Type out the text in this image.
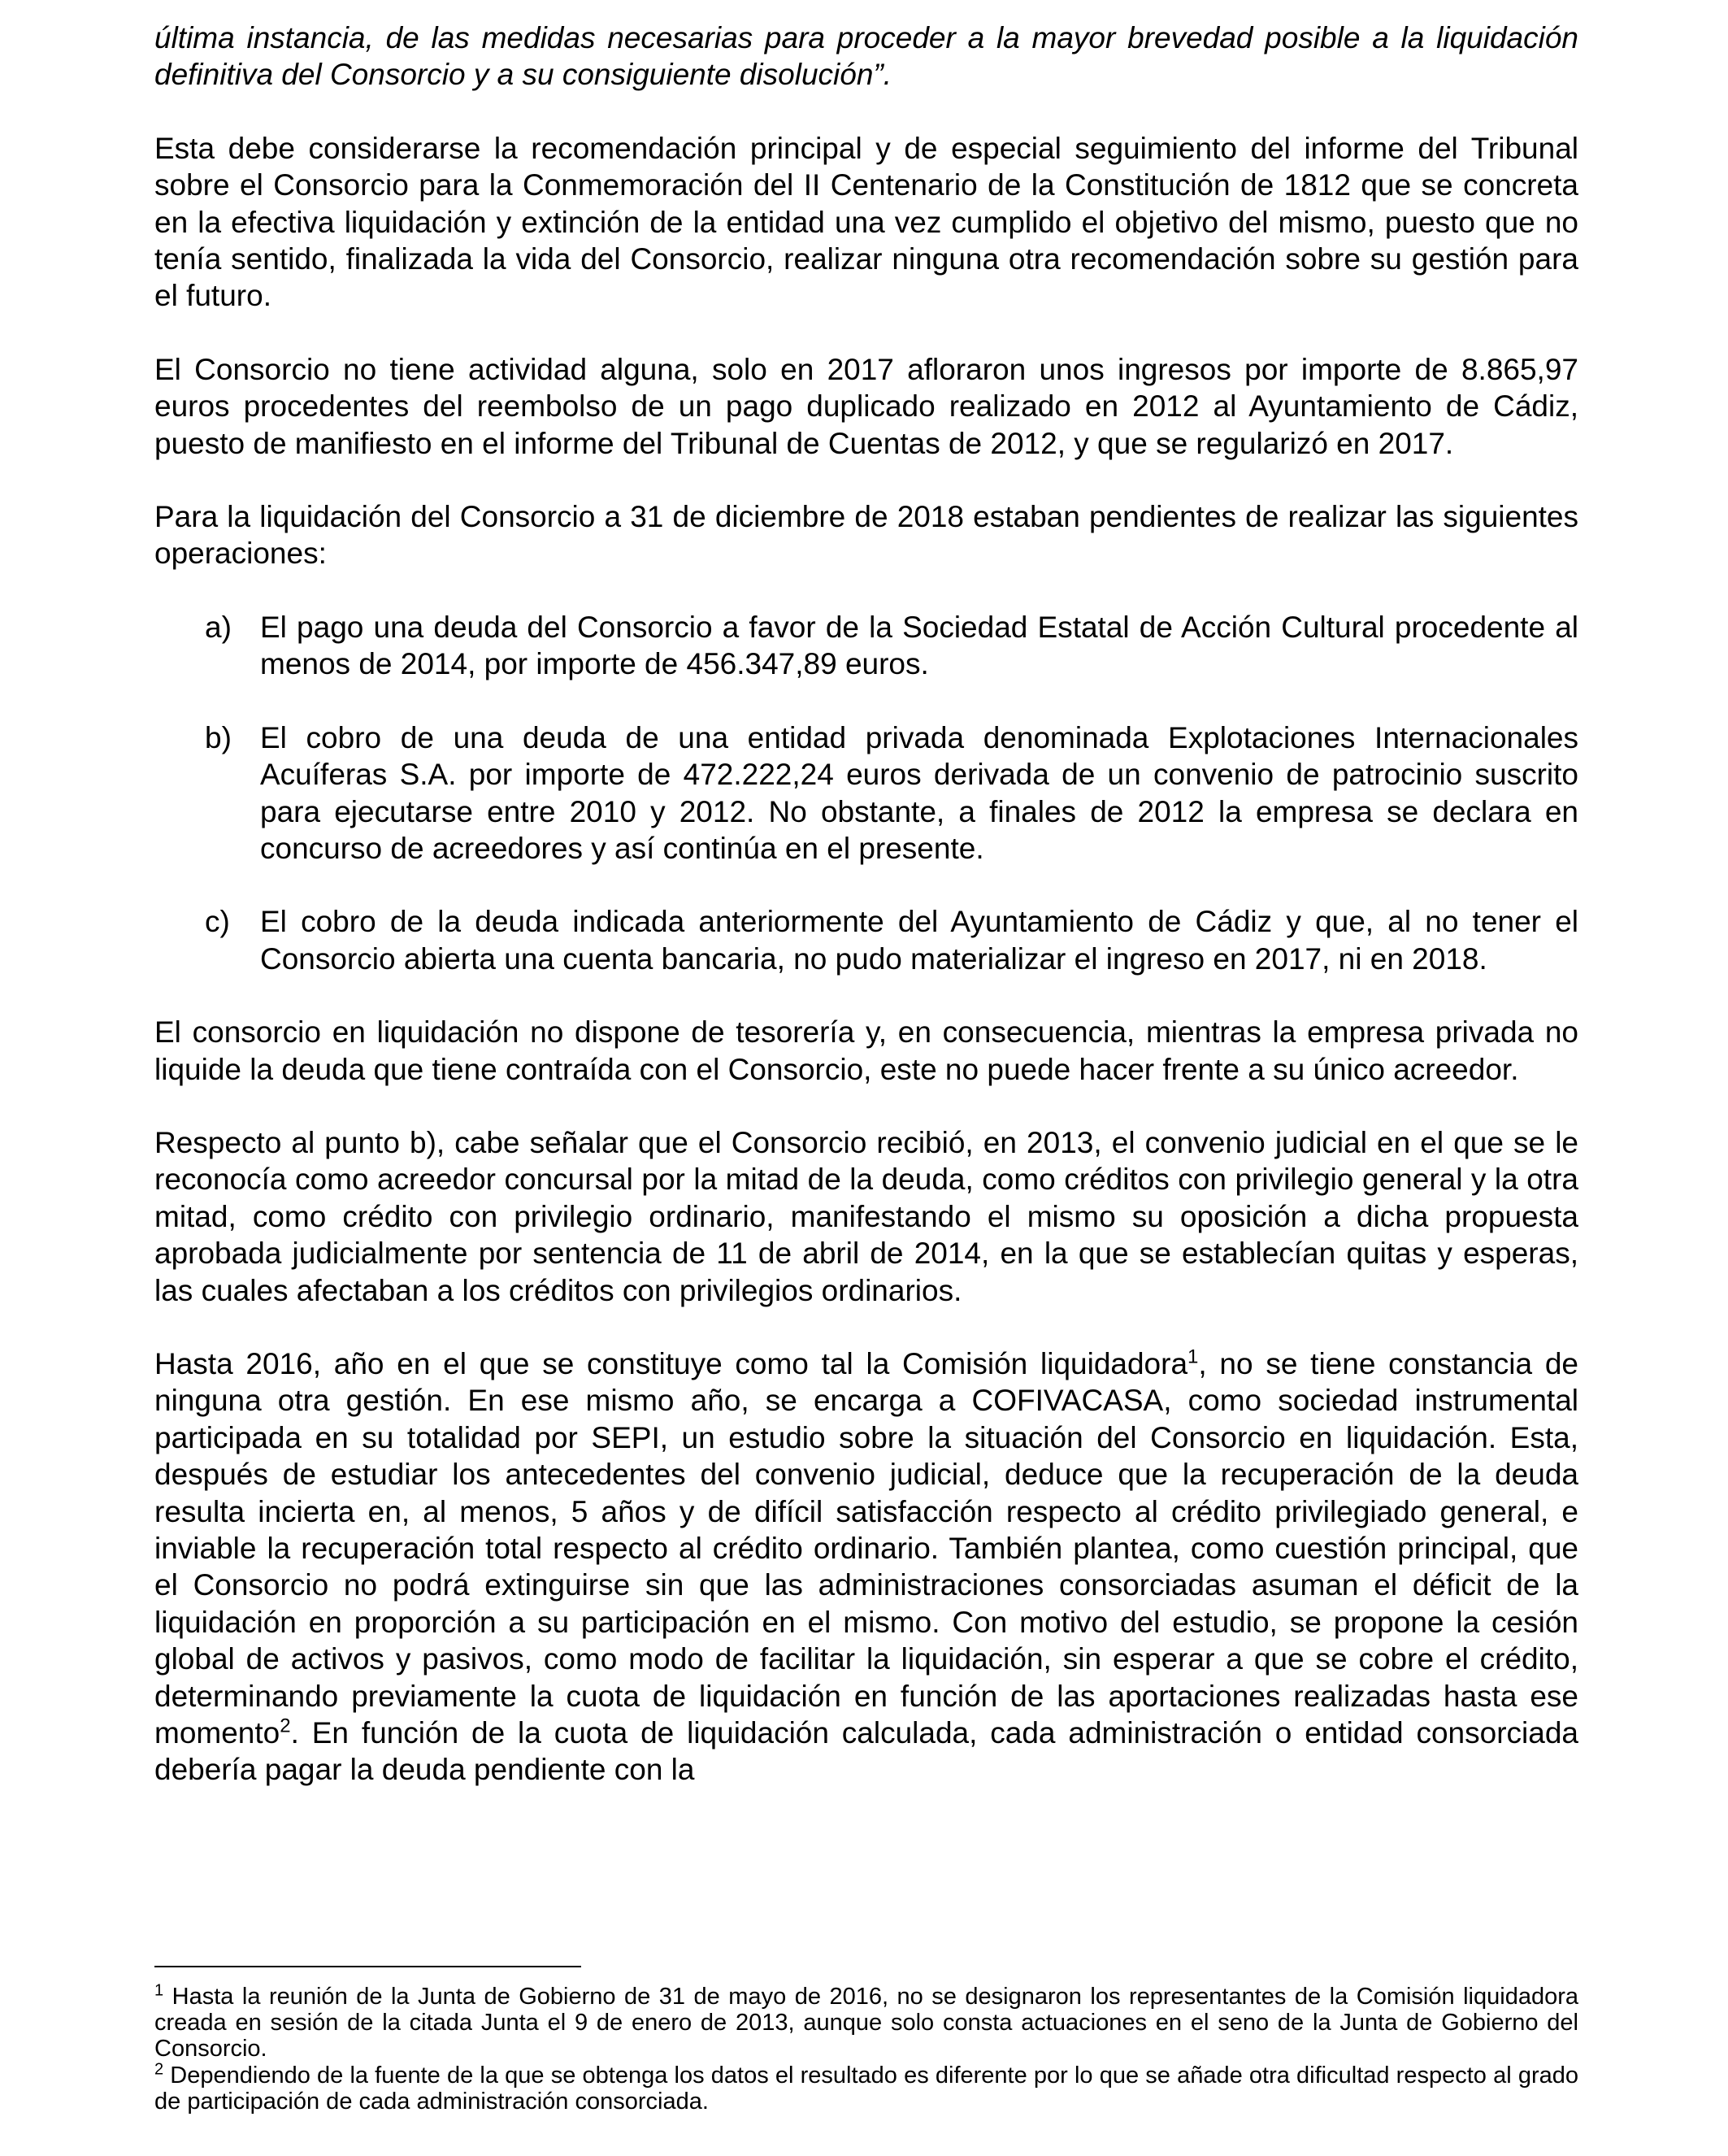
última instancia, de las medidas necesarias para proceder a la mayor brevedad posible a la liquidación definitiva del Consorcio y a su consiguiente disolución”.

Esta debe considerarse la recomendación principal y de especial seguimiento del informe del Tribunal sobre el Consorcio para la Conmemoración del II Centenario de la Constitución de 1812 que se concreta en la efectiva liquidación y extinción de la entidad una vez cumplido el objetivo del mismo, puesto que no tenía sentido, finalizada la vida del Consorcio, realizar ninguna otra recomendación sobre su gestión para el futuro.

El Consorcio no tiene actividad alguna, solo en 2017 afloraron unos ingresos por importe de 8.865,97 euros procedentes del reembolso de un pago duplicado realizado en 2012 al Ayuntamiento de Cádiz, puesto de manifiesto en el informe del Tribunal de Cuentas de 2012, y que se regularizó en 2017.

Para la liquidación del Consorcio a 31 de diciembre de 2018 estaban pendientes de realizar las siguientes operaciones:

a) El pago una deuda del Consorcio a favor de la Sociedad Estatal de Acción Cultural procedente al menos de 2014, por importe de 456.347,89 euros.
b) El cobro de una deuda de una entidad privada denominada Explotaciones Internacionales Acuíferas S.A. por importe de 472.222,24 euros derivada de un convenio de patrocinio suscrito para ejecutarse entre 2010 y 2012. No obstante, a finales de 2012 la empresa se declara en concurso de acreedores y así continúa en el presente.
c) El cobro de la deuda indicada anteriormente del Ayuntamiento de Cádiz y que, al no tener el Consorcio abierta una cuenta bancaria, no pudo materializar el ingreso en 2017, ni en 2018.

El consorcio en liquidación no dispone de tesorería y, en consecuencia, mientras la empresa privada no liquide la deuda que tiene contraída con el Consorcio, este no puede hacer frente a su único acreedor.

Respecto al punto b), cabe señalar que el Consorcio recibió, en 2013, el convenio judicial en el que se le reconocía como acreedor concursal por la mitad de la deuda, como créditos con privilegio general y la otra mitad, como crédito con privilegio ordinario, manifestando el mismo su oposición a dicha propuesta aprobada judicialmente por sentencia de 11 de abril de 2014, en la que se establecían quitas y esperas, las cuales afectaban a los créditos con privilegios ordinarios.

Hasta 2016, año en el que se constituye como tal la Comisión liquidadora$^1$, no se tiene constancia de ninguna otra gestión. En ese mismo año, se encarga a COFIVACASA, como sociedad instrumental participada en su totalidad por SEPI, un estudio sobre la situación del Consorcio en liquidación. Esta, después de estudiar los antecedentes del convenio judicial, deduce que la recuperación de la deuda resulta incierta en, al menos, 5 años y de difícil satisfacción respecto al crédito privilegiado general, e inviable la recuperación total respecto al crédito ordinario. También plantea, como cuestión principal, que el Consorcio no podrá extinguirse sin que las administraciones consorciadas asuman el déficit de la liquidación en proporción a su participación en el mismo. Con motivo del estudio, se propone la cesión global de activos y pasivos, como modo de facilitar la liquidación, sin esperar a que se cobre el crédito, determinando previamente la cuota de liquidación en función de las aportaciones realizadas hasta ese momento$^2$. En función de la cuota de liquidación calculada, cada administración o entidad consorciada debería pagar la deuda pendiente con la

$^1$ Hasta la reunión de la Junta de Gobierno de 31 de mayo de 2016, no se designaron los representantes de la Comisión liquidadora creada en sesión de la citada Junta el 9 de enero de 2013, aunque solo consta actuaciones en el seno de la Junta de Gobierno del Consorcio.

$^2$ Dependiendo de la fuente de la que se obtenga los datos el resultado es diferente por lo que se añade otra dificultad respecto al grado de participación de cada administración consorciada.
